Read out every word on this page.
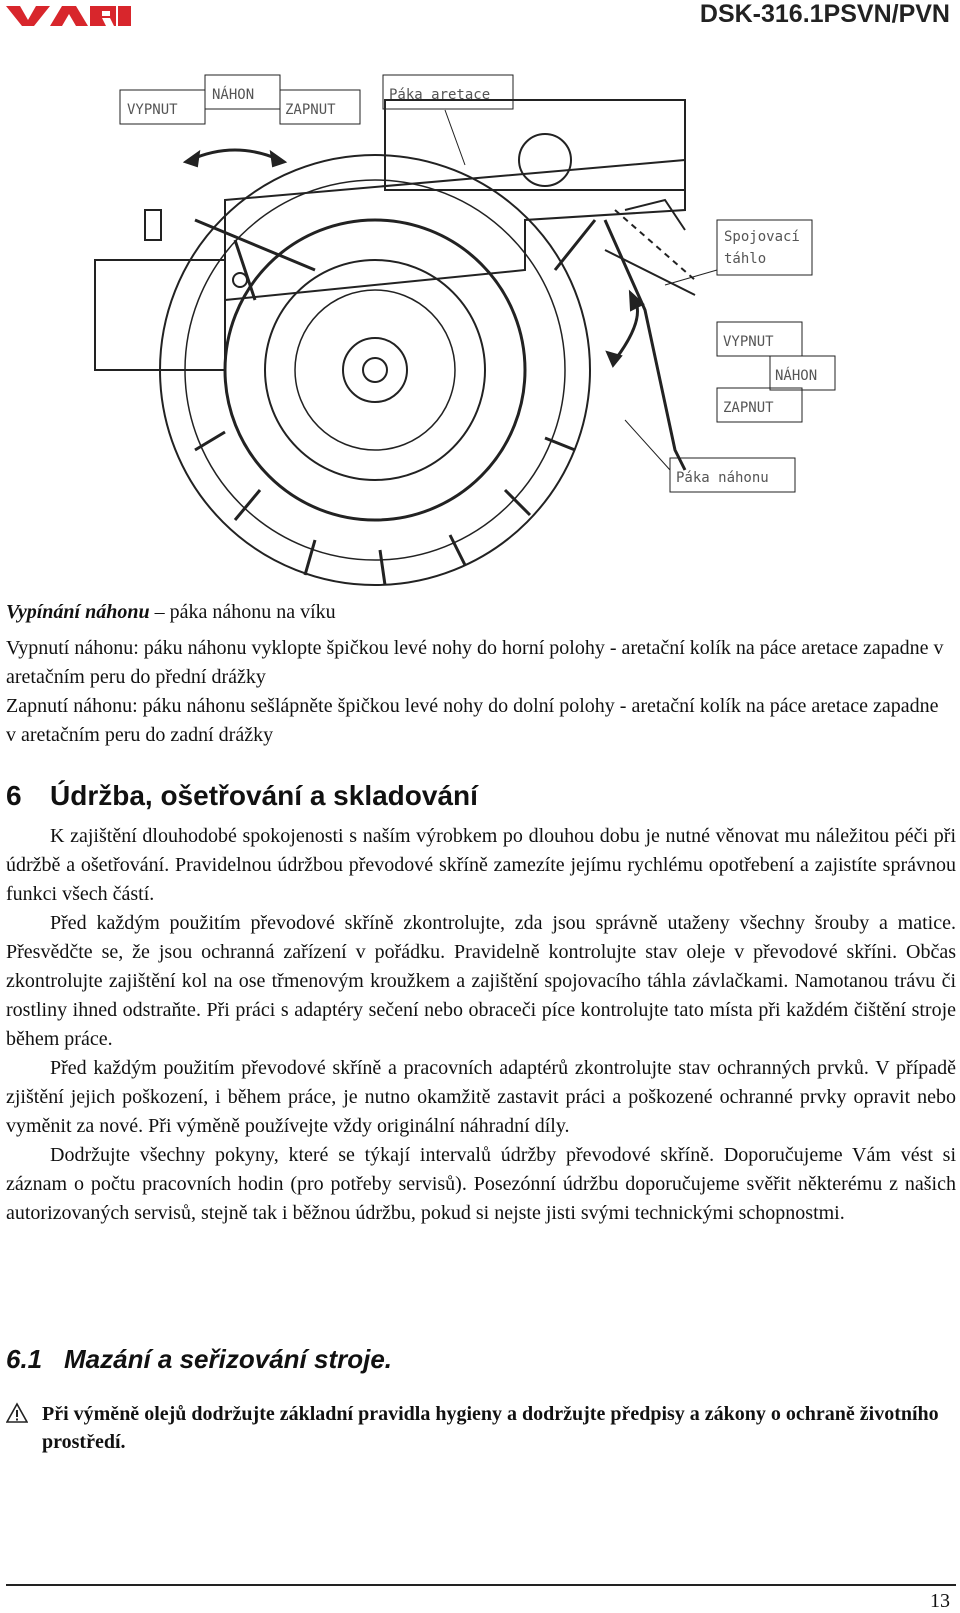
DSK-316.1PSVN/PVN
VYPNUT
NÁHON
ZAPNUT
Páka aretace
Spojovací
táhlo
VYPNUT
NÁHON
ZAPNUT
Páka náhonu

Vypínání náhonu – páka náhonu na víku

Vypnutí náhonu: páku náhonu vyklopte špičkou levé nohy do horní polohy - aretační kolík na páce aretace zapadne v aretačním peru do přední drážky

Zapnutí náhonu: páku náhonu sešlápněte špičkou levé nohy do dolní polohy - aretační kolík na páce aretace zapadne v aretačním peru do zadní drážky

6 Údržba, ošetřování a skladování

K zajištění dlouhodobé spokojenosti s naším výrobkem po dlouhou dobu je nutné věnovat mu náležitou péči při údržbě a ošetřování. Pravidelnou údržbou převodové skříně zamezíte jejímu rychlému opotřebení a zajistíte správnou funkci všech částí.

Před každým použitím převodové skříně zkontrolujte, zda jsou správně utaženy všechny šrouby a matice. Přesvědčte se, že jsou ochranná zařízení v pořádku. Pravidelně kontrolujte stav oleje v převodové skříni. Občas zkontrolujte zajištění kol na ose třmenovým kroužkem a zajištění spojovacího táhla závlačkami. Namotanou trávu či rostliny ihned odstraňte. Při práci s adaptéry sečení nebo obraceči píce kontrolujte tato místa při každém čištění stroje během práce.

Před každým použitím převodové skříně a pracovních adaptérů zkontrolujte stav ochranných prvků. V případě zjištění jejich poškození, i během práce, je nutno okamžitě zastavit práci a poškozené ochranné prvky opravit nebo vyměnit za nové. Při výměně používejte vždy originální náhradní díly.

Dodržujte všechny pokyny, které se týkají intervalů údržby převodové skříně. Doporučujeme Vám vést si záznam o počtu pracovních hodin (pro potřeby servisů). Posezónní údržbu doporučujeme svěřit některému z našich autorizovaných servisů, stejně tak i běžnou údržbu, pokud si nejste jisti svými technickými schopnostmi.

6.1 Mazání a seřizování stroje.
Při výměně olejů dodržujte základní pravidla hygieny a dodržujte předpisy a zákony o ochraně životního prostředí.
13
